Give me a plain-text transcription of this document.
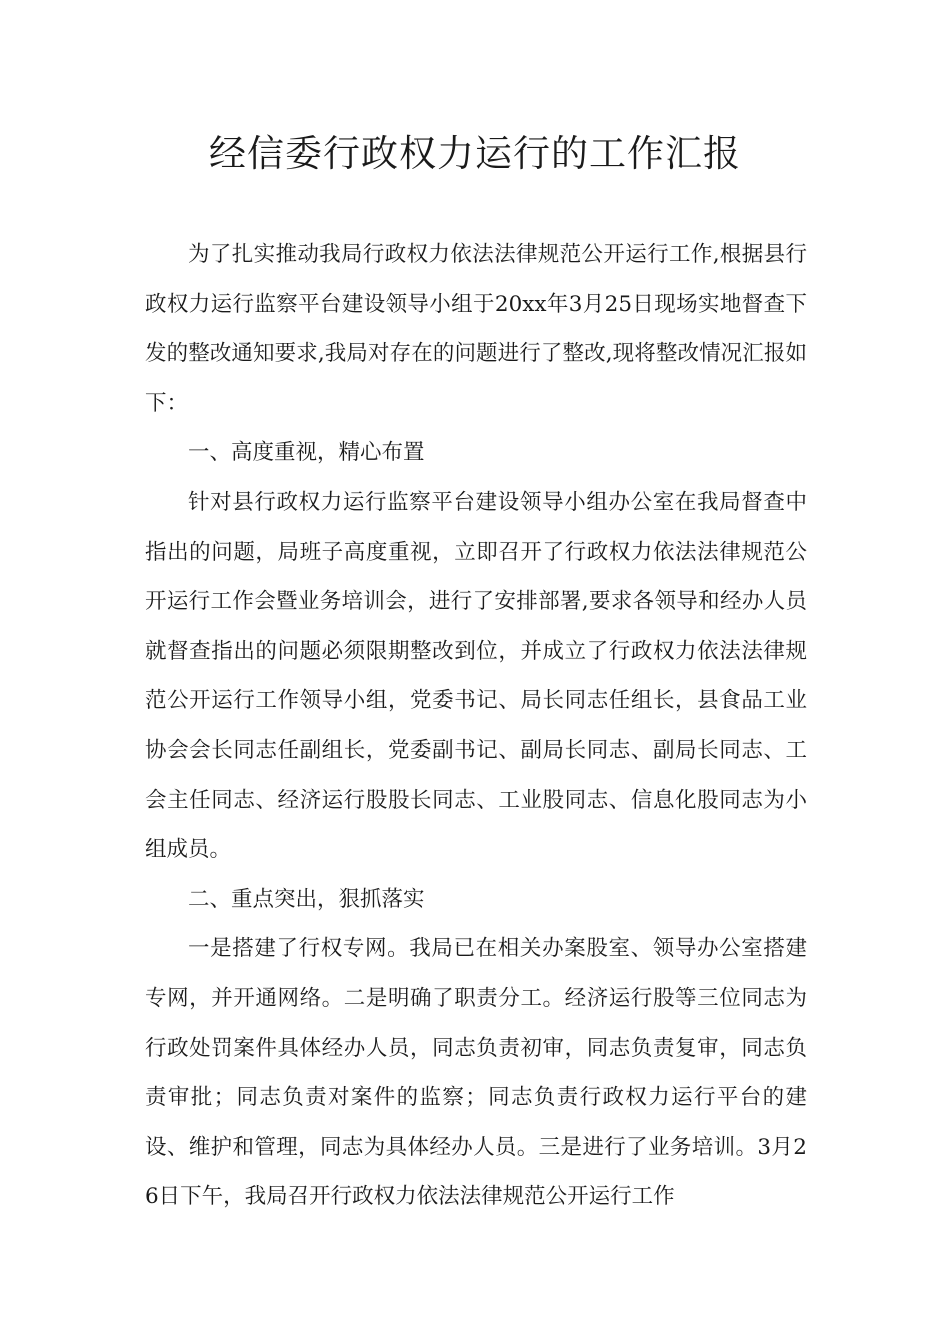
经信委行政权力运行的工作汇报

为了扎实推动我局行政权力依法法律规范公开运行工作,根据县行政权力运行监察平台建设领导小组于20xx年3月25日现场实地督查下发的整改通知要求,我局对存在的问题进行了整改,现将整改情况汇报如下：

一、高度重视，精心布置

针对县行政权力运行监察平台建设领导小组办公室在我局督查中指出的问题，局班子高度重视，立即召开了行政权力依法法律规范公开运行工作会暨业务培训会，进行了安排部署,要求各领导和经办人员就督查指出的问题必须限期整改到位，并成立了行政权力依法法律规范公开运行工作领导小组，党委书记、局长同志任组长，县食品工业协会会长同志任副组长，党委副书记、副局长同志、副局长同志、工会主任同志、经济运行股股长同志、工业股同志、信息化股同志为小组成员。

二、重点突出，狠抓落实

一是搭建了行权专网。我局已在相关办案股室、领导办公室搭建专网，并开通网络。二是明确了职责分工。经济运行股等三位同志为行政处罚案件具体经办人员，同志负责初审，同志负责复审，同志负责审批；同志负责对案件的监察；同志负责行政权力运行平台的建设、维护和管理，同志为具体经办人员。三是进行了业务培训。3月26日下午，我局召开行政权力依法法律规范公开运行工作
